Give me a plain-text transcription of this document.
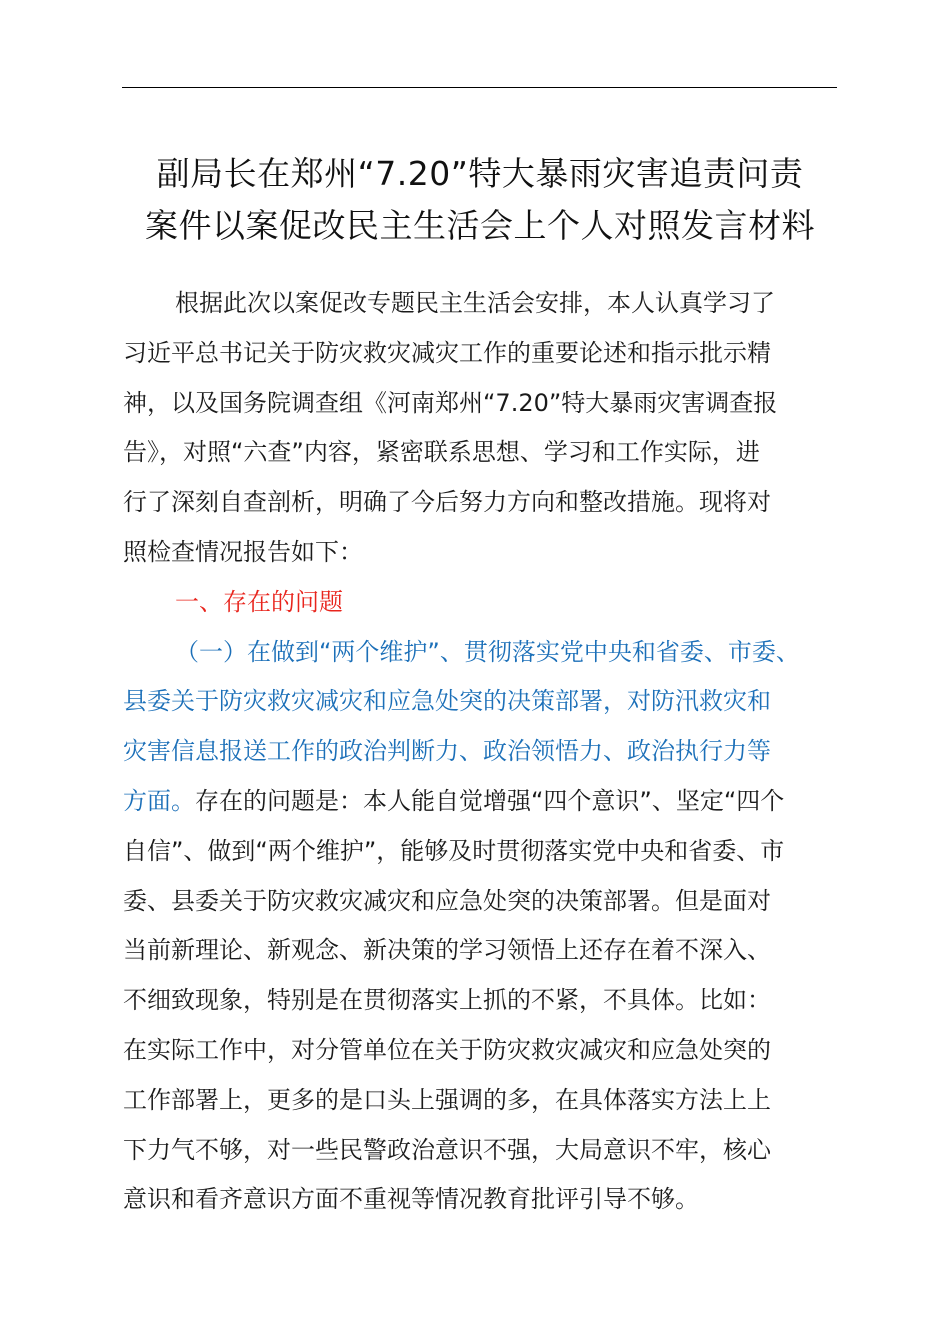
副局长在郑州“7.20”特大暴雨灾害追责问责
案件以案促改民主生活会上个人对照发言材料
根据此次以案促改专题民主生活会安排，本人认真学习了
习近平总书记关于防灾救灾减灾工作的重要论述和指示批示精
神，以及国务院调查组《河南郑州“7.20”特大暴雨灾害调查报
告》，对照“六查”内容，紧密联系思想、学习和工作实际，进
行了深刻自查剖析，明确了今后努力方向和整改措施。现将对
照检查情况报告如下：
一、存在的问题
（一）在做到“两个维护”、贯彻落实党中央和省委、市委、
县委关于防灾救灾减灾和应急处突的决策部署，对防汛救灾和
灾害信息报送工作的政治判断力、政治领悟力、政治执行力等
方面。存在的问题是：本人能自觉增强“四个意识”、坚定“四个
自信”、做到“两个维护”，能够及时贯彻落实党中央和省委、市
委、县委关于防灾救灾减灾和应急处突的决策部署。但是面对
当前新理论、新观念、新决策的学习领悟上还存在着不深入、
不细致现象，特别是在贯彻落实上抓的不紧，不具体。比如：
在实际工作中，对分管单位在关于防灾救灾减灾和应急处突的
工作部署上，更多的是口头上强调的多，在具体落实方法上上
下力气不够，对一些民警政治意识不强，大局意识不牢，核心
意识和看齐意识方面不重视等情况教育批评引导不够。
